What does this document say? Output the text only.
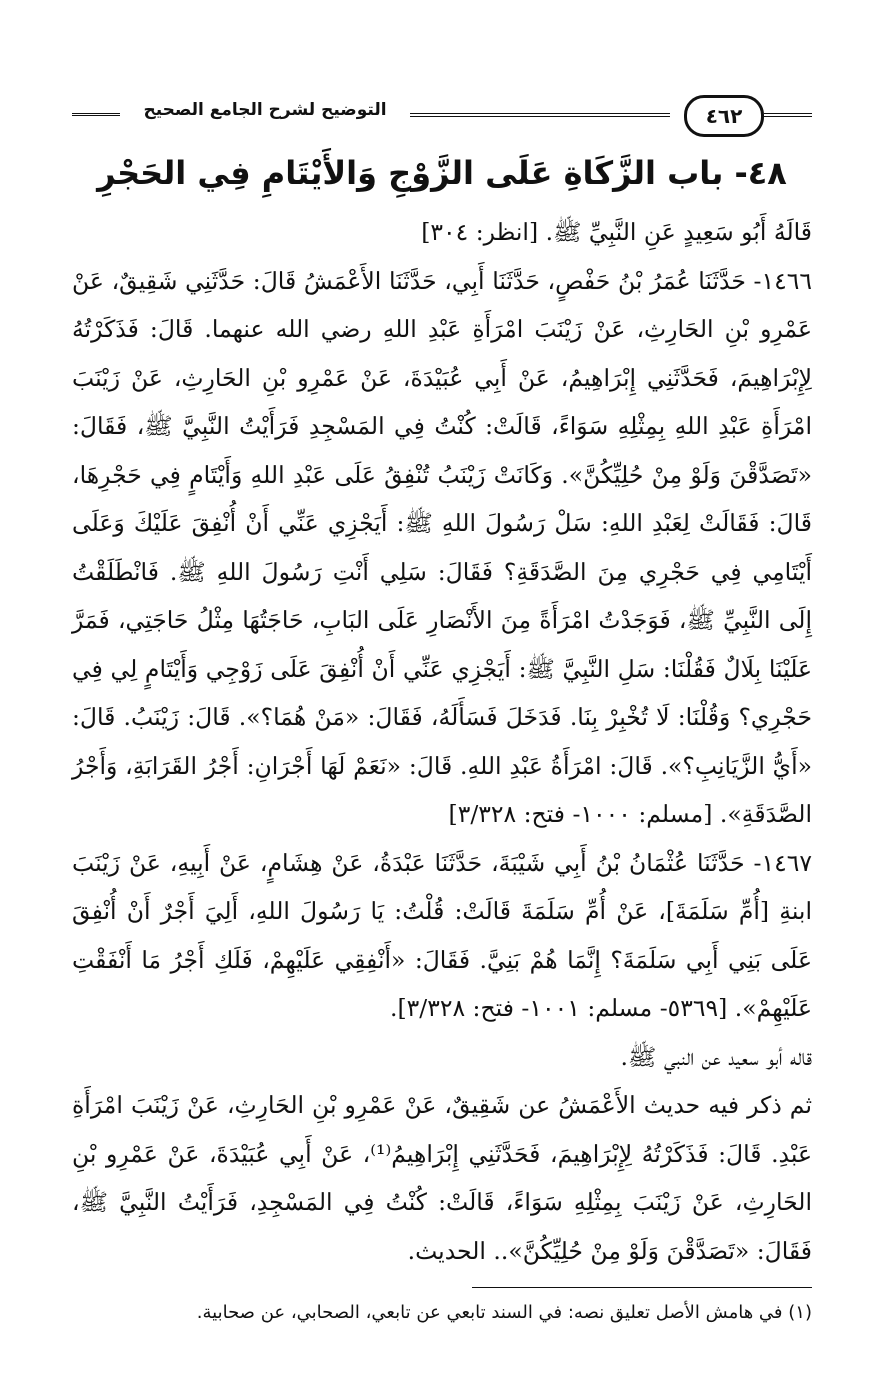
التوضيح لشرح الجامع الصحيح	٤٦٢
٤٨- باب الزَّكَاةِ عَلَى الزَّوْجِ وَالأَيْتَامِ فِي الحَجْرِ

قَالَهُ أَبُو سَعِيدٍ عَنِ النَّبِيِّ ﷺ. [انظر: ٣٠٤]

١٤٦٦- حَدَّثَنَا عُمَرُ بْنُ حَفْصٍ، حَدَّثَنَا أَبِي، حَدَّثَنَا الأَعْمَشُ قَالَ: حَدَّثَنِي شَقِيقٌ، عَنْ عَمْرِو بْنِ الحَارِثِ، عَنْ زَيْنَبَ امْرَأَةِ عَبْدِ اللهِ رضي الله عنهما. قَالَ: فَذَكَرْتُهُ لِإِبْرَاهِيمَ، فَحَدَّثَنِي إِبْرَاهِيمُ، عَنْ أَبِي عُبَيْدَةَ، عَنْ عَمْرِو بْنِ الحَارِثِ، عَنْ زَيْنَبَ امْرَأَةِ عَبْدِ اللهِ بِمِثْلِهِ سَوَاءً، قَالَتْ: كُنْتُ فِي المَسْجِدِ فَرَأَيْتُ النَّبِيَّ ﷺ، فَقَالَ: «تَصَدَّقْنَ وَلَوْ مِنْ حُلِيِّكُنَّ». وَكَانَتْ زَيْنَبُ تُنْفِقُ عَلَى عَبْدِ اللهِ وَأَيْتَامٍ فِي حَجْرِهَا، قَالَ: فَقَالَتْ لِعَبْدِ اللهِ: سَلْ رَسُولَ اللهِ ﷺ: أَيَجْزِي عَنِّي أَنْ أُنْفِقَ عَلَيْكَ وَعَلَى أَيْتَامِي فِي حَجْرِي مِنَ الصَّدَقَةِ؟ فَقَالَ: سَلِي أَنْتِ رَسُولَ اللهِ ﷺ. فَانْطَلَقْتُ إِلَى النَّبِيِّ ﷺ، فَوَجَدْتُ امْرَأَةً مِنَ الأَنْصَارِ عَلَى البَابِ، حَاجَتُهَا مِثْلُ حَاجَتِي، فَمَرَّ عَلَيْنَا بِلَالٌ فَقُلْنَا: سَلِ النَّبِيَّ ﷺ: أَيَجْزِي عَنِّي أَنْ أُنْفِقَ عَلَى زَوْجِي وَأَيْتَامٍ لِي فِي حَجْرِي؟ وَقُلْنَا: لَا تُخْبِرْ بِنَا. فَدَخَلَ فَسَأَلَهُ، فَقَالَ: «مَنْ هُمَا؟». قَالَ: زَيْنَبُ. قَالَ: «أَيُّ الزَّيَانِبِ؟». قَالَ: امْرَأَةُ عَبْدِ اللهِ. قَالَ: «نَعَمْ لَهَا أَجْرَانِ: أَجْرُ القَرَابَةِ، وَأَجْرُ الصَّدَقَةِ». [مسلم: ١٠٠٠- فتح: ٣/٣٢٨]

١٤٦٧- حَدَّثَنَا عُثْمَانُ بْنُ أَبِي شَيْبَةَ، حَدَّثَنَا عَبْدَةُ، عَنْ هِشَامٍ، عَنْ أَبِيهِ، عَنْ زَيْنَبَ ابنةِ [أُمِّ سَلَمَةَ]، عَنْ أُمِّ سَلَمَةَ قَالَتْ: قُلْتُ: يَا رَسُولَ اللهِ، أَلِيَ أَجْرٌ أَنْ أُنْفِقَ عَلَى بَنِي أَبِي سَلَمَةَ؟ إِنَّمَا هُمْ بَنِيَّ. فَقَالَ: «أَنْفِقِي عَلَيْهِمْ، فَلَكِ أَجْرُ مَا أَنْفَقْتِ عَلَيْهِمْ». [٥٣٦٩- مسلم: ١٠٠١- فتح: ٣/٣٢٨].

قاله أبو سعيد عن النبي ﷺ.

ثم ذكر فيه حديث الأَعْمَشُ عن شَقِيقٌ، عَنْ عَمْرِو بْنِ الحَارِثِ، عَنْ زَيْنَبَ امْرَأَةِ عَبْدِ. قَالَ: فَذَكَرْتُهُ لِإِبْرَاهِيمَ، فَحَدَّثَنِي إِبْرَاهِيمُ⁽¹⁾، عَنْ أَبِي عُبَيْدَةَ، عَنْ عَمْرِو بْنِ الحَارِثِ، عَنْ زَيْنَبَ بِمِثْلِهِ سَوَاءً، قَالَتْ: كُنْتُ فِي المَسْجِدِ، فَرَأَيْتُ النَّبِيَّ ﷺ، فَقَالَ: «تَصَدَّقْنَ وَلَوْ مِنْ حُلِيِّكُنَّ».. الحديث.

(١) في هامش الأصل تعليق نصه: في السند تابعي عن تابعي، الصحابي، عن صحابية.
